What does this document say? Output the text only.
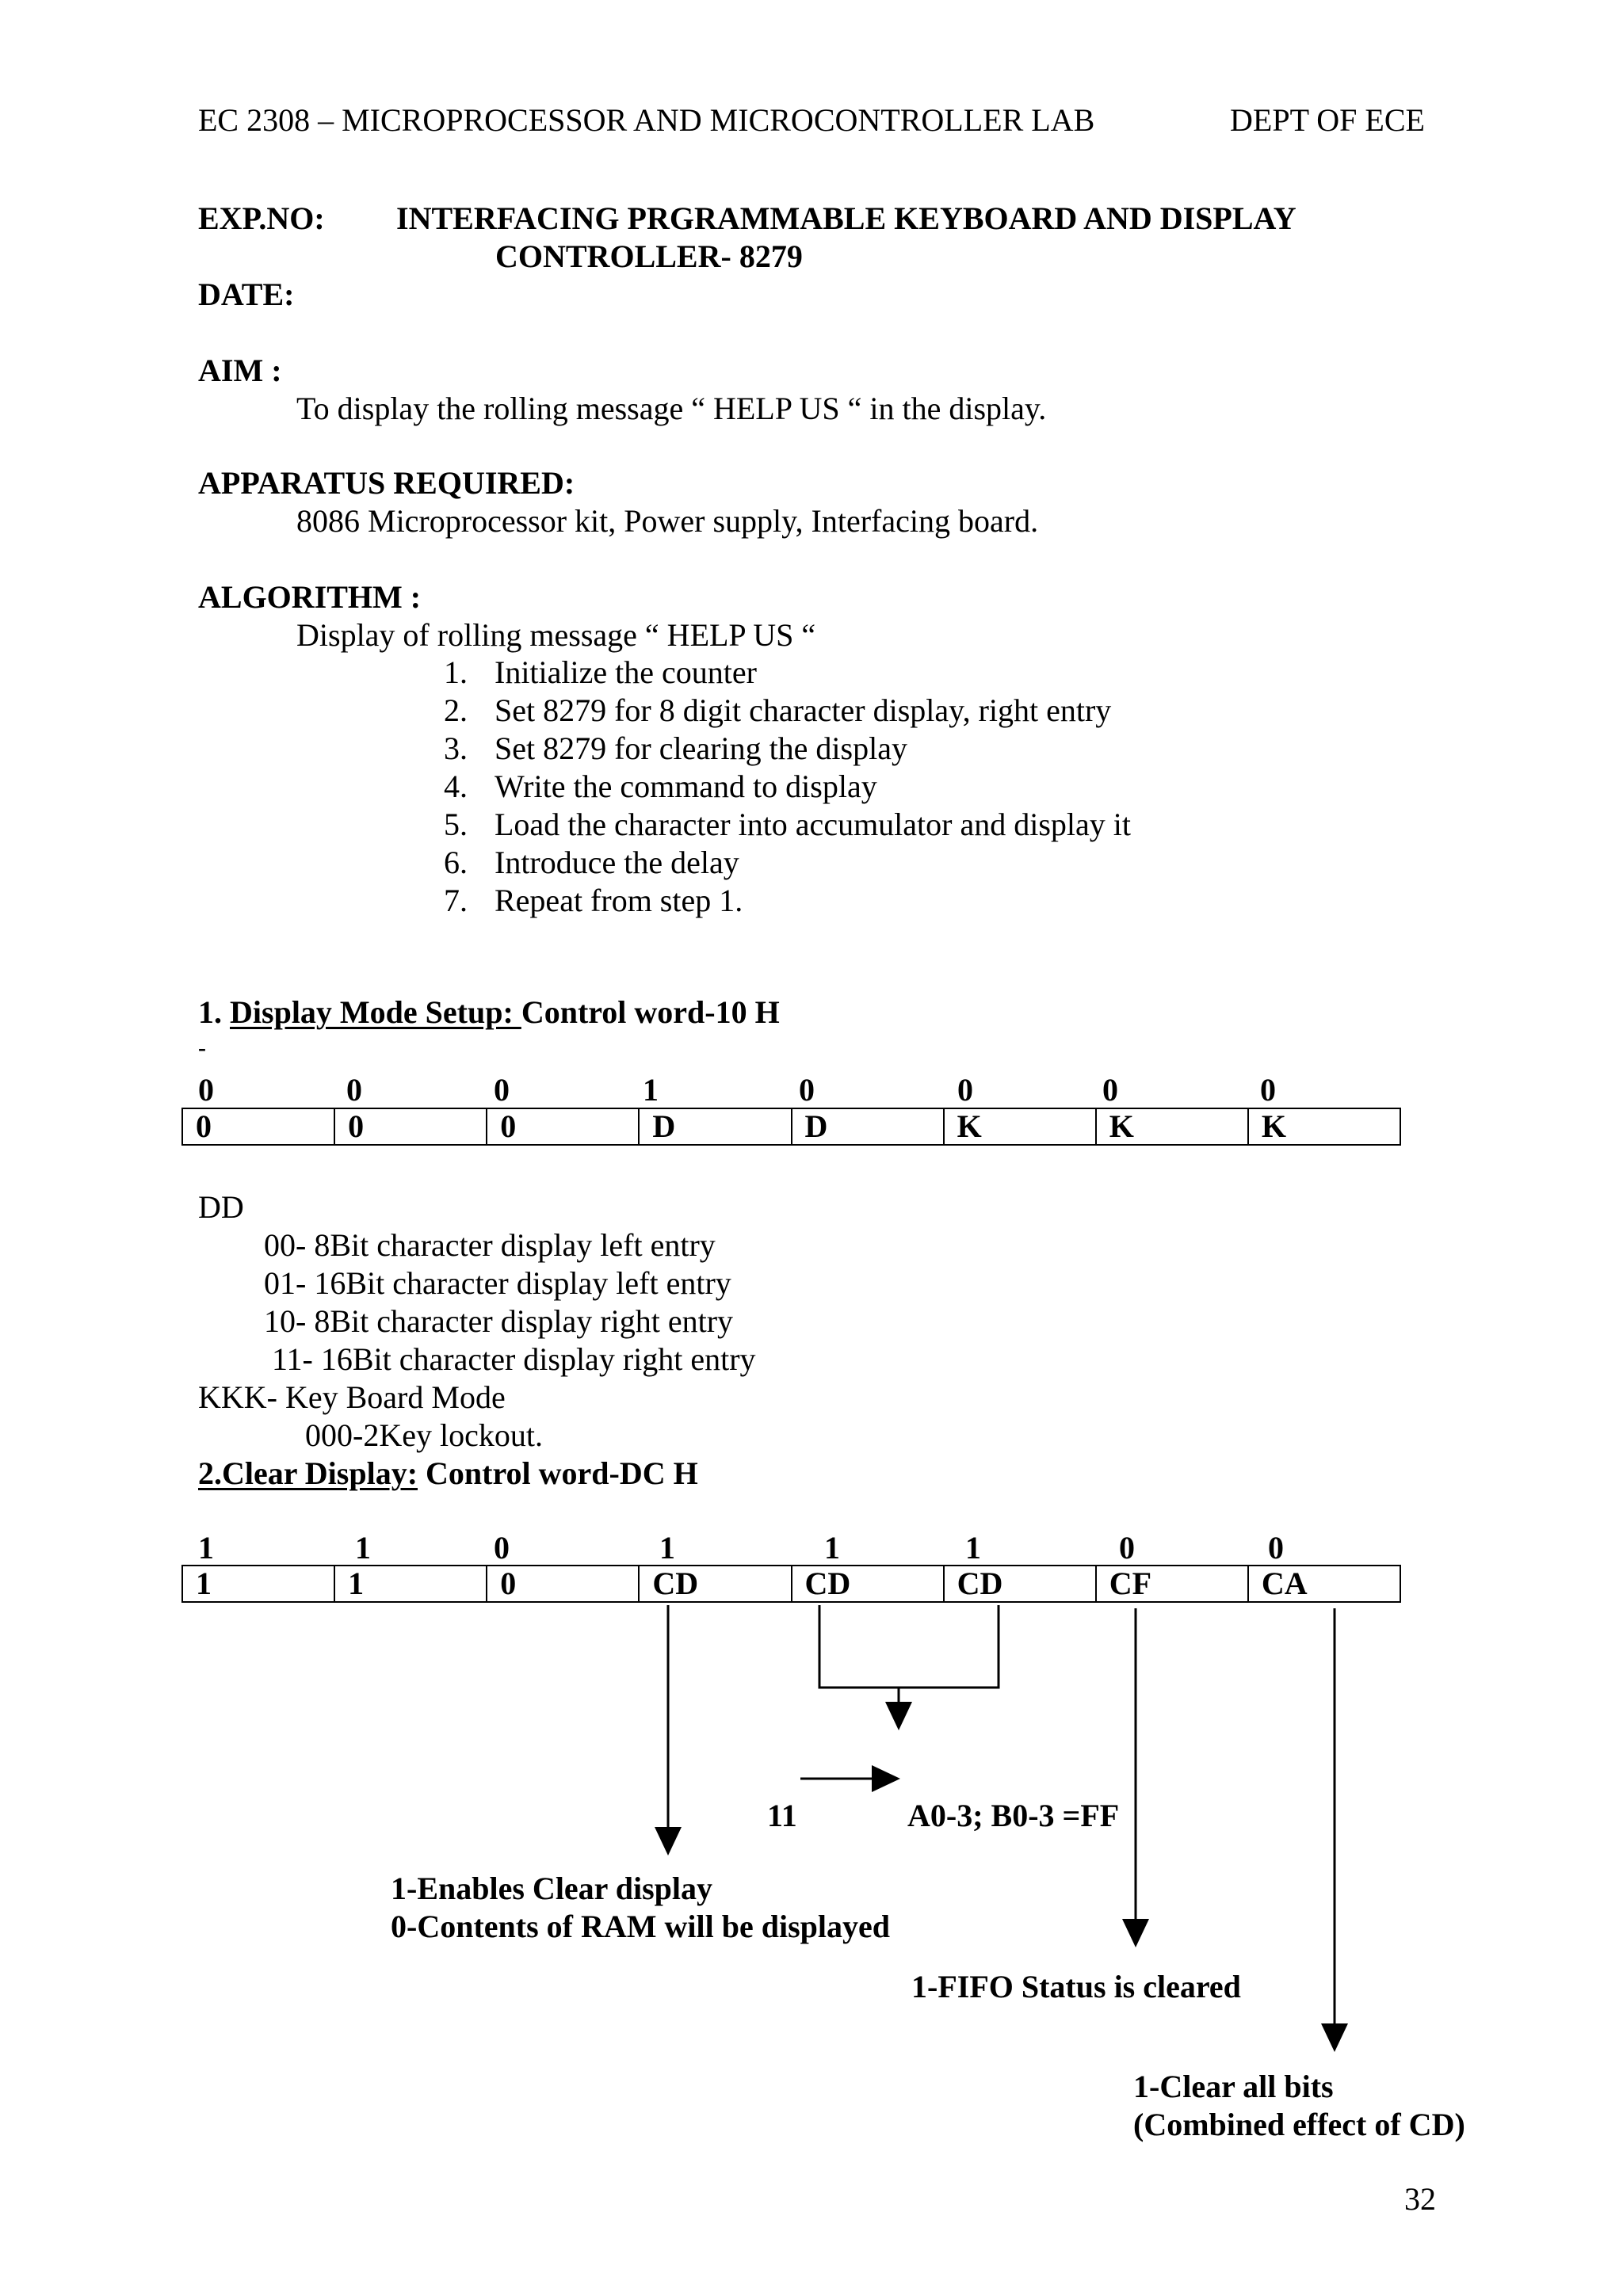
EC 2308 – MICROPROCESSOR AND MICROCONTROLLER LAB	DEPT OF ECE
EXP.NO: INTERFACING PRGRAMMABLE KEYBOARD AND DISPLAY
CONTROLLER- 8279
DATE:
AIM :
To display the rolling message “ HELP US “ in the display.
APPARATUS REQUIRED:
8086 Microprocessor kit, Power supply, Interfacing board.
ALGORITHM :
Display of rolling message “ HELP US “
1. Initialize the counter
2. Set 8279 for 8 digit character display, right entry
3. Set 8279 for clearing the display
4. Write the command to display
5. Load the character into accumulator and display it
6. Introduce the delay
7. Repeat from step 1.
1. Display Mode Setup: Control word-10 H
-
0	0	0	1	0	0	0	0
0	0	0	D	D	K	K	K
DD
00- 8Bit character display left entry
01- 16Bit character display left entry
10- 8Bit character display right entry
11- 16Bit character display right entry
KKK- Key Board Mode
000-2Key lockout.
2.Clear Display: Control word-DC H
1	1	0	1	1	1	0	0
1	1	0	CD	CD	CD	CF	CA
11	A0-3; B0-3 =FF
1-Enables Clear display
0-Contents of RAM will be displayed
1-FIFO Status is cleared
1-Clear all bits
(Combined effect of CD)
32
